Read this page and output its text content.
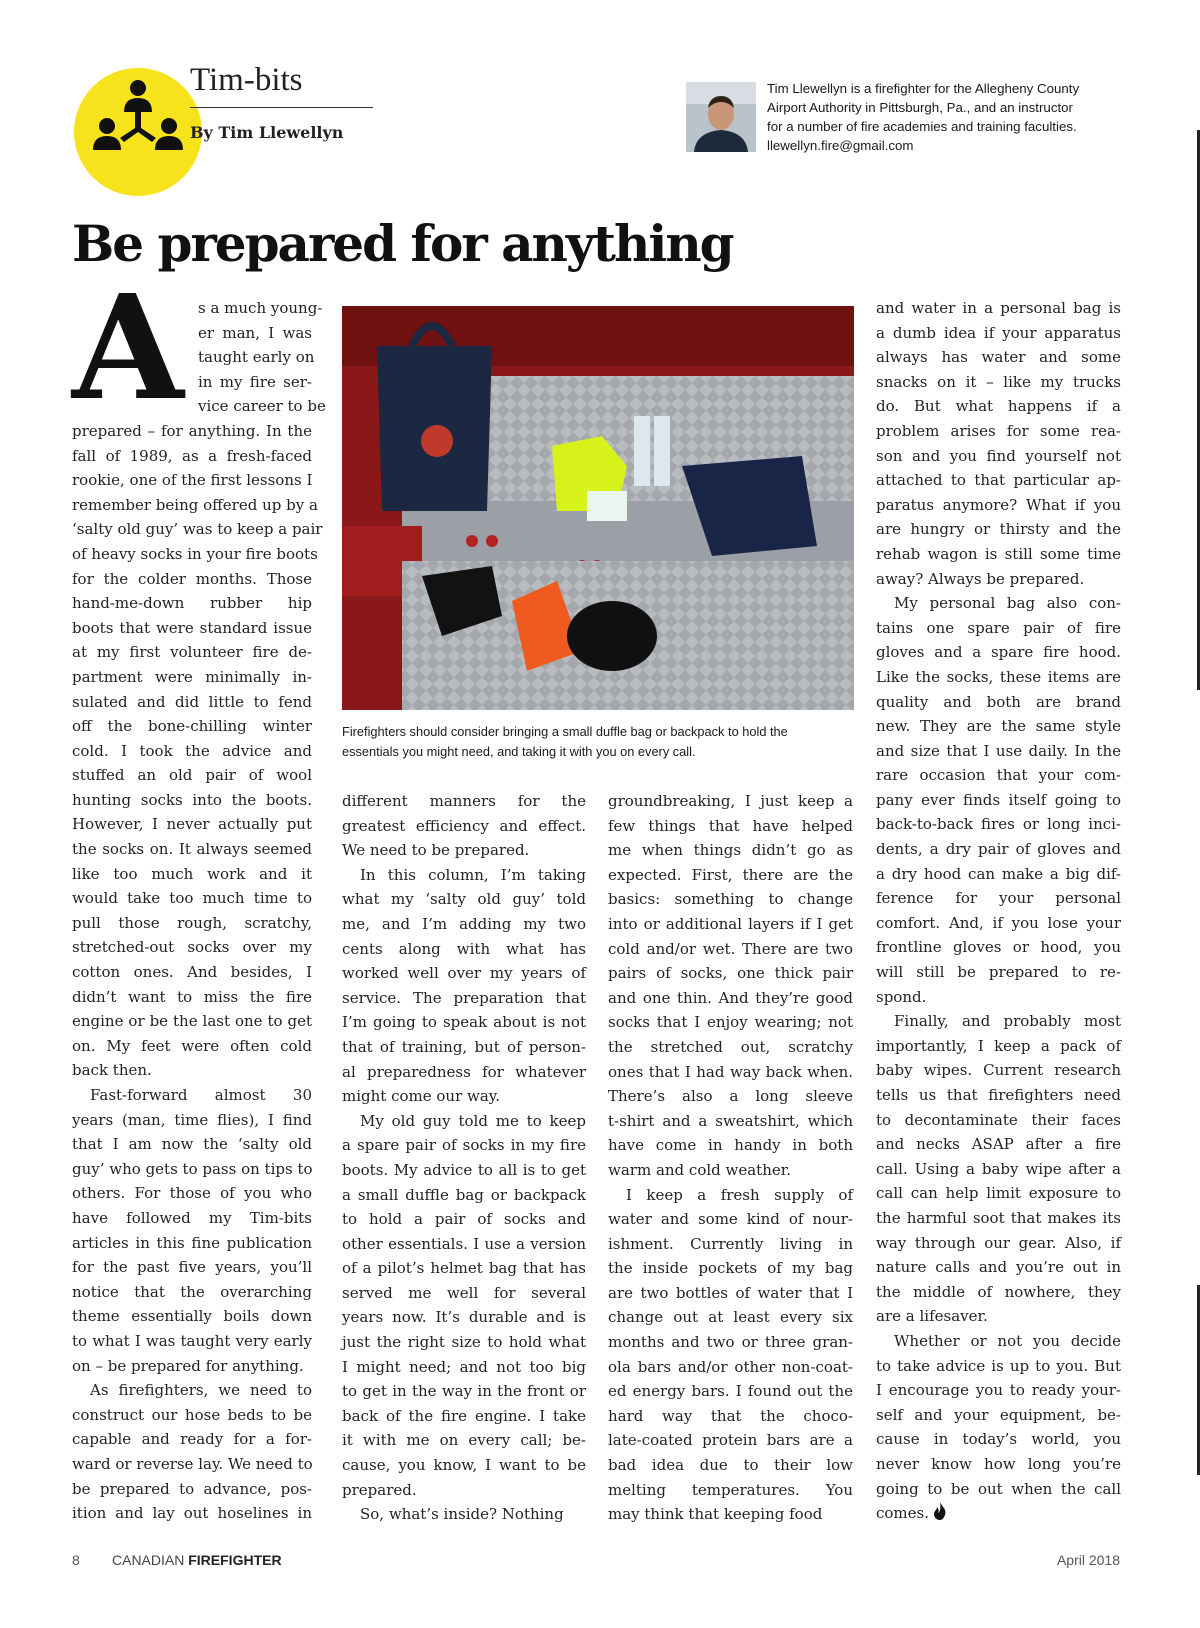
Tim-bits
By Tim Llewellyn
Tim Llewellyn is a firefighter for the Allegheny County
Airport Authority in Pittsburgh, Pa., and an instructor
for a number of fire academies and training faculties.
llewellyn.fire@gmail.com
Be prepared for anything
A s a much young-
er man, I was
taught early on
in my fire ser-
vice career to be
prepared – for anything. In the
fall of 1989, as a fresh-faced
rookie, one of the first lessons I
remember being offered up by a
‘salty old guy’ was to keep a pair
of heavy socks in your fire boots
for the colder months. Those
hand-me-down rubber hip
boots that were standard issue
at my first volunteer fire de-
partment were minimally in-
sulated and did little to fend
off the bone-chilling winter
cold. I took the advice and
stuffed an old pair of wool
hunting socks into the boots.
However, I never actually put
the socks on. It always seemed
like too much work and it
would take too much time to
pull those rough, scratchy,
stretched-out socks over my
cotton ones. And besides, I
didn’t want to miss the fire
engine or be the last one to get
on. My feet were often cold
back then.
Fast-forward almost 30
years (man, time flies), I find
that I am now the ‘salty old
guy’ who gets to pass on tips to
others. For those of you who
have followed my Tim-bits
articles in this fine publication
for the past five years, you’ll
notice that the overarching
theme essentially boils down
to what I was taught very early
on – be prepared for anything.
As firefighters, we need to
construct our hose beds to be
capable and ready for a for-
ward or reverse lay. We need to
be prepared to advance, pos-
ition and lay out hoselines in
Firefighters should consider bringing a small duffle bag or backpack to hold the
essentials you might need, and taking it with you on every call.
different manners for the
greatest efficiency and effect.
We need to be prepared.
In this column, I’m taking
what my ‘salty old guy’ told
me, and I’m adding my two
cents along with what has
worked well over my years of
service. The preparation that
I’m going to speak about is not
that of training, but of person-
al preparedness for whatever
might come our way.
My old guy told me to keep
a spare pair of socks in my fire
boots. My advice to all is to get
a small duffle bag or backpack
to hold a pair of socks and
other essentials. I use a version
of a pilot’s helmet bag that has
served me well for several
years now. It’s durable and is
just the right size to hold what
I might need; and not too big
to get in the way in the front or
back of the fire engine. I take
it with me on every call; be-
cause, you know, I want to be
prepared.
So, what’s inside? Nothing
groundbreaking, I just keep a
few things that have helped
me when things didn’t go as
expected. First, there are the
basics: something to change
into or additional layers if I get
cold and/or wet. There are two
pairs of socks, one thick pair
and one thin. And they’re good
socks that I enjoy wearing; not
the stretched out, scratchy
ones that I had way back when.
There’s also a long sleeve
t-shirt and a sweatshirt, which
have come in handy in both
warm and cold weather.
I keep a fresh supply of
water and some kind of nour-
ishment. Currently living in
the inside pockets of my bag
are two bottles of water that I
change out at least every six
months and two or three gran-
ola bars and/or other non-coat-
ed energy bars. I found out the
hard way that the choco-
late-coated protein bars are a
bad idea due to their low
melting temperatures. You
may think that keeping food
and water in a personal bag is
a dumb idea if your apparatus
always has water and some
snacks on it – like my trucks
do. But what happens if a
problem arises for some rea-
son and you find yourself not
attached to that particular ap-
paratus anymore? What if you
are hungry or thirsty and the
rehab wagon is still some time
away? Always be prepared.
My personal bag also con-
tains one spare pair of fire
gloves and a spare fire hood.
Like the socks, these items are
quality and both are brand
new. They are the same style
and size that I use daily. In the
rare occasion that your com-
pany ever finds itself going to
back-to-back fires or long inci-
dents, a dry pair of gloves and
a dry hood can make a big dif-
ference for your personal
comfort. And, if you lose your
frontline gloves or hood, you
will still be prepared to re-
spond.
Finally, and probably most
importantly, I keep a pack of
baby wipes. Current research
tells us that firefighters need
to decontaminate their faces
and necks ASAP after a fire
call. Using a baby wipe after a
call can help limit exposure to
the harmful soot that makes its
way through our gear. Also, if
nature calls and you’re out in
the middle of nowhere, they
are a lifesaver.
Whether or not you decide
to take advice is up to you. But
I encourage you to ready your-
self and your equipment, be-
cause in today’s world, you
never know how long you’re
going to be out when the call
comes.
8 CANADIAN FIREFIGHTER	April 2018
